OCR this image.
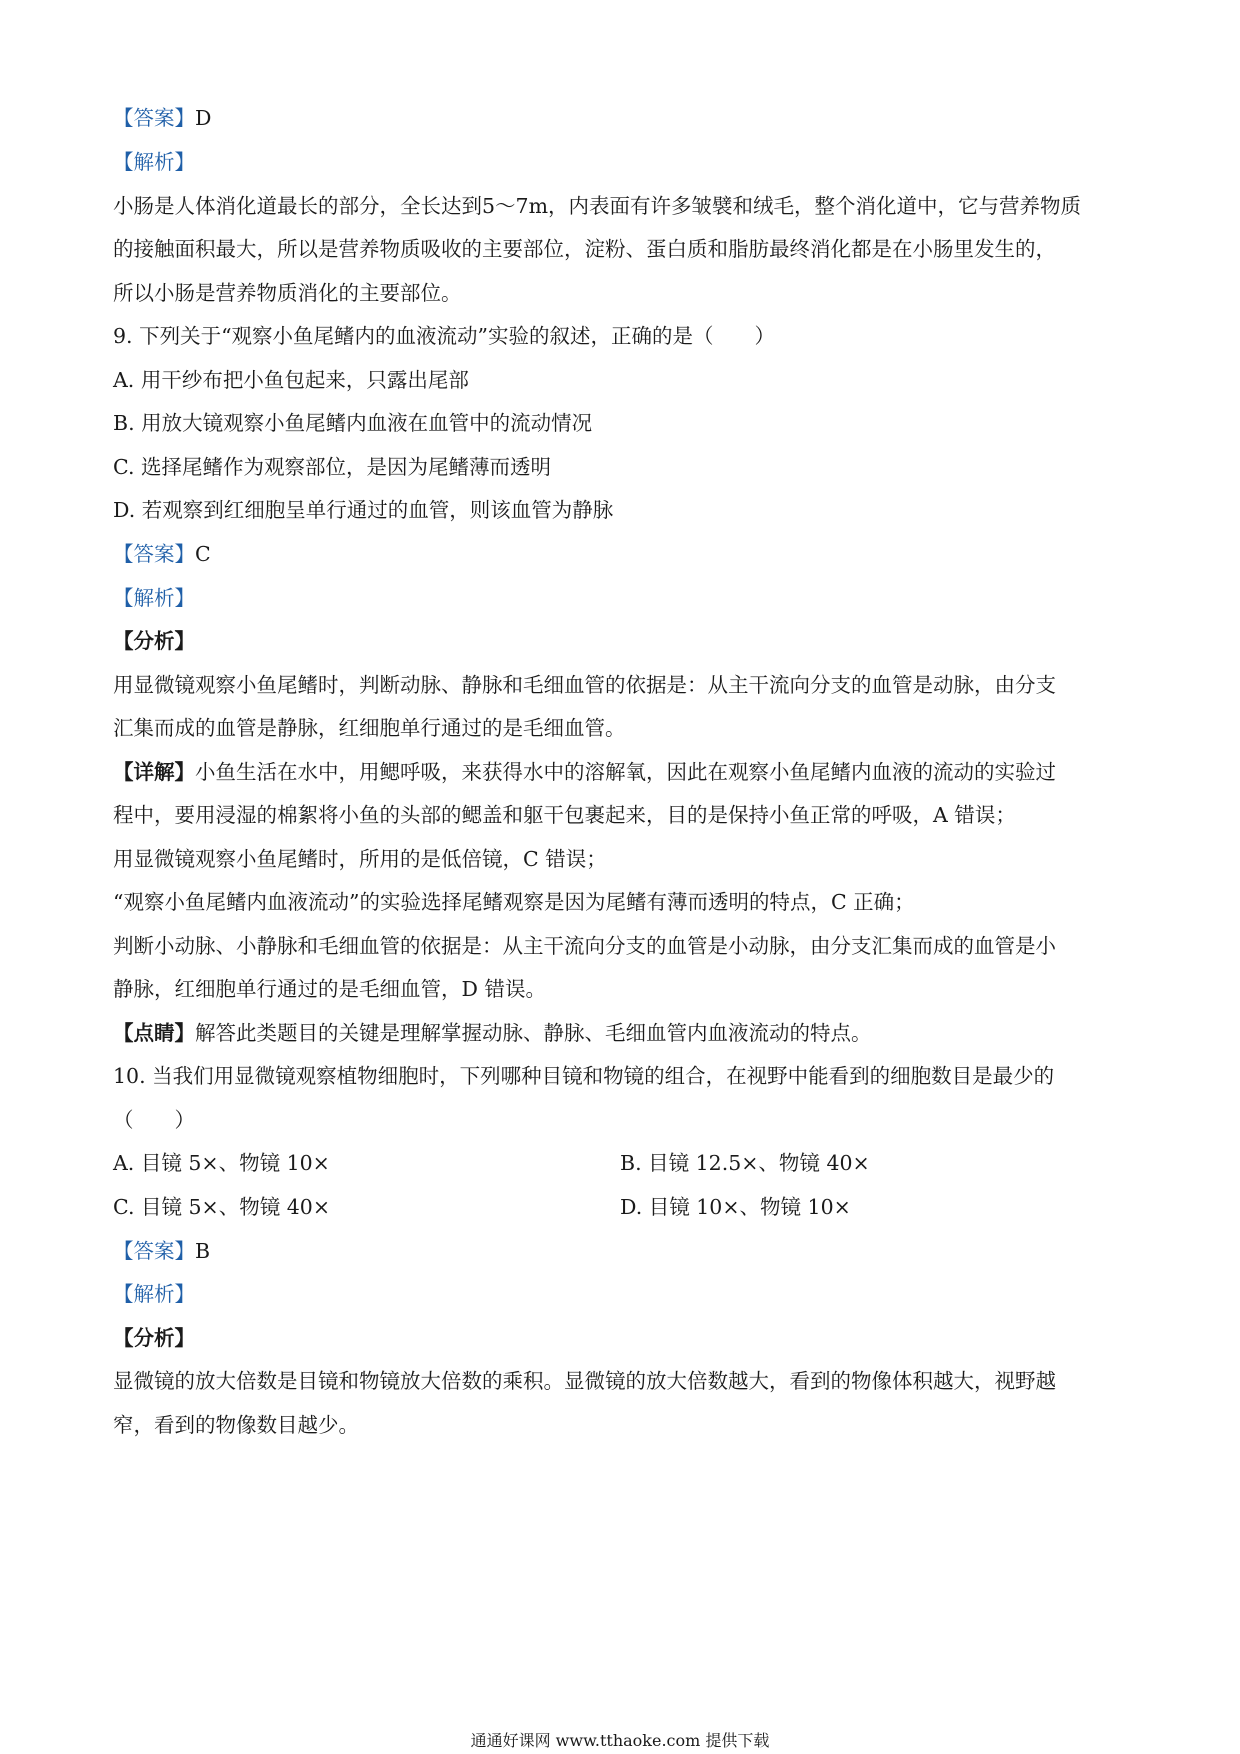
【答案】D
【解析】
小肠是人体消化道最长的部分，全长达到5～7m，内表面有许多皱襞和绒毛，整个消化道中，它与营养物质
的接触面积最大，所以是营养物质吸收的主要部位，淀粉、蛋白质和脂肪最终消化都是在小肠里发生的，
所以小肠是营养物质消化的主要部位。
9. 下列关于“观察小鱼尾鳍内的血液流动”实验的叙述，正确的是（　　）
A. 用干纱布把小鱼包起来，只露出尾部
B. 用放大镜观察小鱼尾鳍内血液在血管中的流动情况
C. 选择尾鳍作为观察部位，是因为尾鳍薄而透明
D. 若观察到红细胞呈单行通过的血管，则该血管为静脉
【答案】C
【解析】
【分析】
用显微镜观察小鱼尾鳍时，判断动脉、静脉和毛细血管的依据是：从主干流向分支的血管是动脉，由分支
汇集而成的血管是静脉，红细胞单行通过的是毛细血管。
【详解】小鱼生活在水中，用鳃呼吸，来获得水中的溶解氧，因此在观察小鱼尾鳍内血液的流动的实验过
程中，要用浸湿的棉絮将小鱼的头部的鳃盖和躯干包裹起来，目的是保持小鱼正常的呼吸，A 错误；
用显微镜观察小鱼尾鳍时，所用的是低倍镜，C 错误；
“观察小鱼尾鳍内血液流动”的实验选择尾鳍观察是因为尾鳍有薄而透明的特点，C 正确；
判断小动脉、小静脉和毛细血管的依据是：从主干流向分支的血管是小动脉，由分支汇集而成的血管是小
静脉，红细胞单行通过的是毛细血管，D 错误。
【点睛】解答此类题目的关键是理解掌握动脉、静脉、毛细血管内血液流动的特点。
10. 当我们用显微镜观察植物细胞时，下列哪种目镜和物镜的组合，在视野中能看到的细胞数目是最少的
（　　）
A. 目镜 5×、物镜 10×	B. 目镜 12.5×、物镜 40×
C. 目镜 5×、物镜 40×	D. 目镜 10×、物镜 10×
【答案】B
【解析】
【分析】
显微镜的放大倍数是目镜和物镜放大倍数的乘积。显微镜的放大倍数越大，看到的物像体积越大，视野越
窄，看到的物像数目越少。
通通好课网 www.tthaoke.com 提供下载
